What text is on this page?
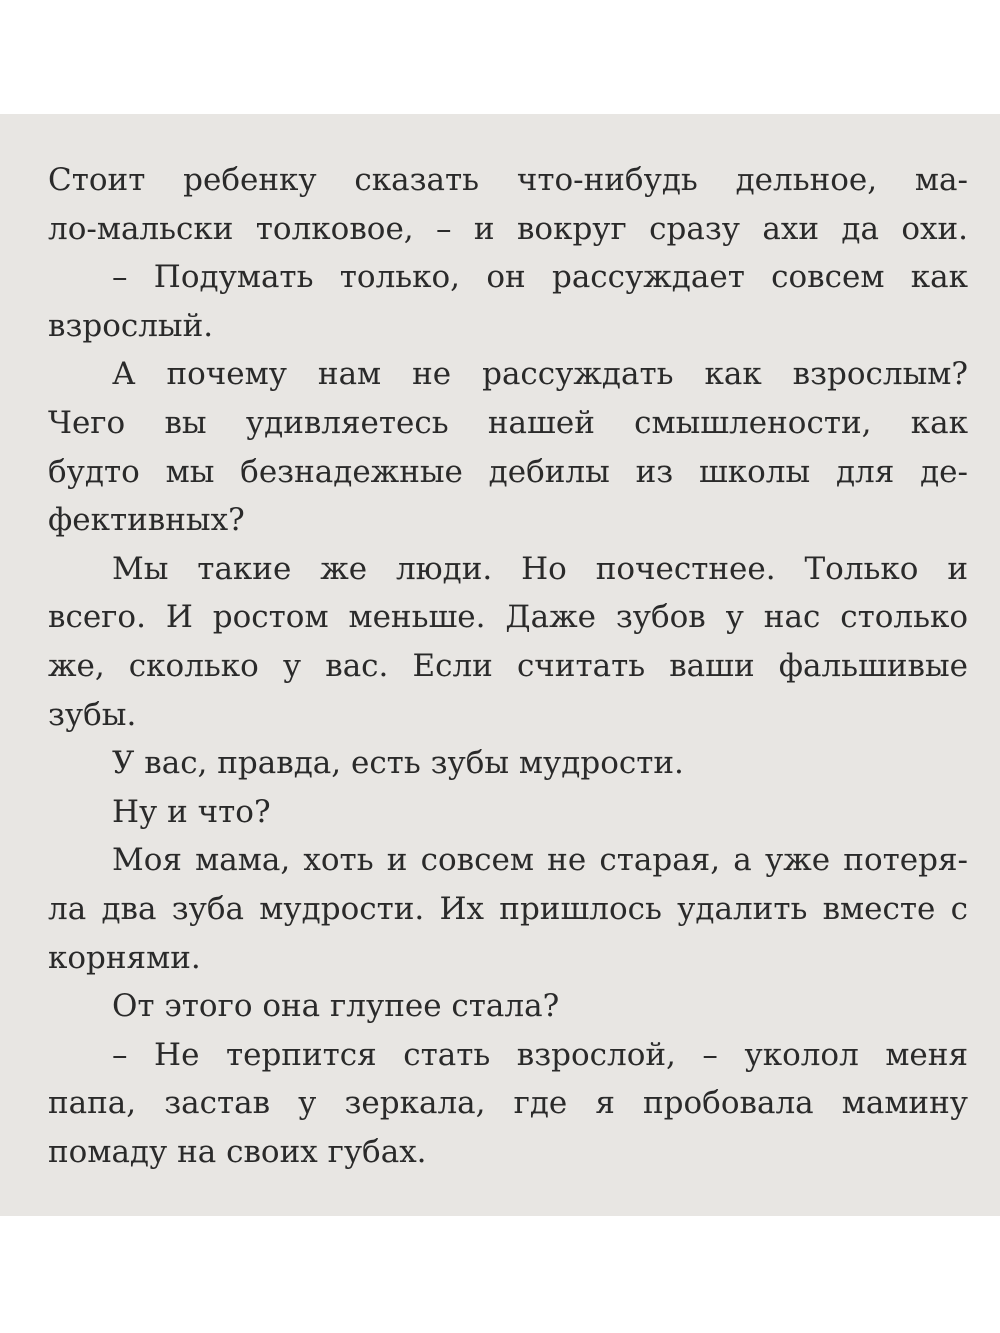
Стоит ребенку сказать что-нибудь дельное, ма-
ло-мальски толковое, – и вокруг сразу ахи да охи.
– Подумать только, он рассуждает совсем как
взрослый.
А почему нам не рассуждать как взрослым?
Чего вы удивляетесь нашей смышлености, как
будто мы безнадежные дебилы из школы для де-
фективных?
Мы такие же люди. Но почестнее. Только и
всего. И ростом меньше. Даже зубов у нас столько
же, сколько у вас. Если считать ваши фальшивые
зубы.
У вас, правда, есть зубы мудрости.
Ну и что?
Моя мама, хоть и совсем не старая, а уже потеря-
ла два зуба мудрости. Их пришлось удалить вместе с
корнями.
От этого она глупее стала?
– Не терпится стать взрослой, – уколол меня
папа, застав у зеркала, где я пробовала мамину
помаду на своих губах.
